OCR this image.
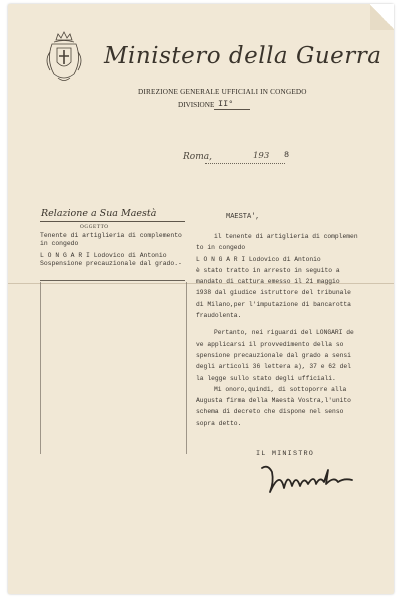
Ministero della Guerra
DIREZIONE GENERALE UFFICIALI IN CONGEDO
DIVISIONE II°
Roma,	193 8
Relazione a Sua Maestà
OGGETTO
Tenente di artiglieria di complemento
in congedo
L O N G A R I Lodovico di Antonio
Sospensione precauzionale dal grado.-
MAESTA',
il tenente di artiglieria di complemen
to in congedo
L O N G A R I Lodovico di Antonio
è stato tratto in arresto in seguito a
mandato di cattura emesso il 21 maggio
1938 dal giudice istruttore del tribunale
di Milano,per l'imputazione di bancarotta
fraudolenta.
Pertanto, nei riguardi del LONGARI de
ve applicarsi il provvedimento della so
spensione precauzionale dal grado a sensi
degli articoli 36 lettera a), 37 e 62 del
la legge sullo stato degli ufficiali.
Mi onoro,quindi, di sottoporre alla
Augusta firma della Maestà Vostra,l'unito
schema di decreto che dispone nel senso
sopra detto.
IL MINISTRO
